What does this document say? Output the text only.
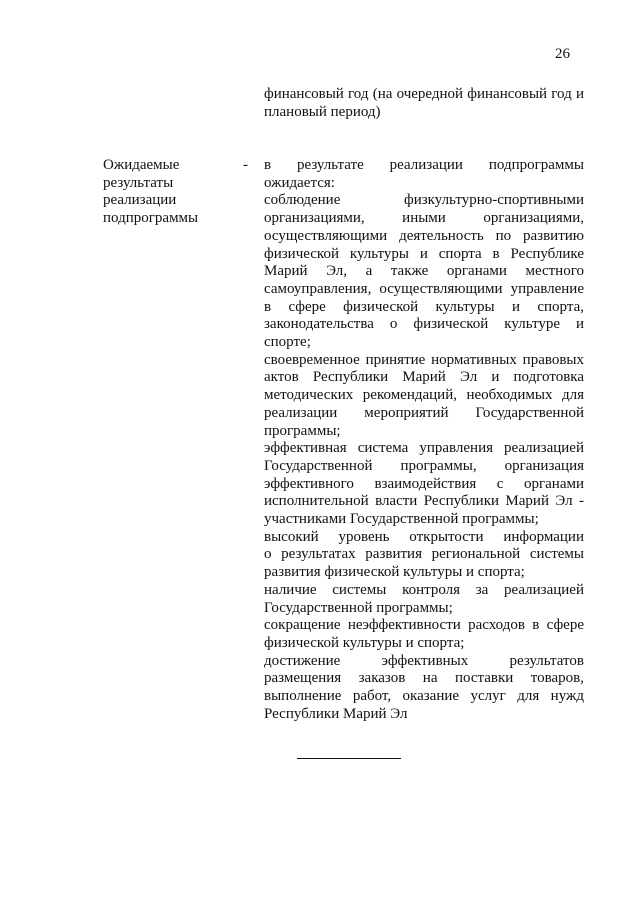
26
финансовый год (на очередной финансовый год и плановый период)
Ожидаемые
результаты
реализации
подпрограммы
- в результате реализации подпрограммы
ожидается:
соблюдение физкультурно-спортивными
организациями, иными организациями,
осуществляющими деятельность по развитию
физической культуры и спорта в Республике
Марий Эл, а также органами местного
самоуправления, осуществляющими управление
в сфере физической культуры и спорта,
законодательства о физической культуре и
спорте;
своевременное принятие нормативных правовых
актов Республики Марий Эл и подготовка
методических рекомендаций, необходимых для
реализации мероприятий Государственной
программы;
эффективная система управления реализацией
Государственной программы, организация
эффективного взаимодействия с органами
исполнительной власти Республики Марий Эл -
участниками Государственной программы;
высокий уровень открытости информации
о результатах развития региональной системы
развития физической культуры и спорта;
наличие системы контроля за реализацией
Государственной программы;
сокращение неэффективности расходов в сфере
физической культуры и спорта;
достижение эффективных результатов
размещения заказов на поставки товаров,
выполнение работ, оказание услуг для нужд
Республики Марий Эл
